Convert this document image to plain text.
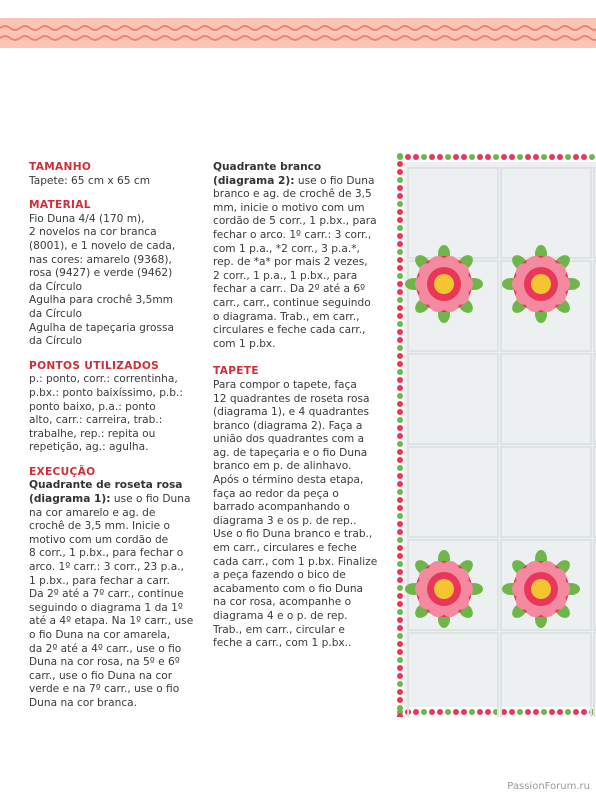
TAMANHO

Tapete: 65 cm x 65 cm

MATERIAL

Fio Duna 4/4 (170 m),
2 novelos na cor branca
(8001), e 1 novelo de cada,
nas cores: amarelo (9368),
rosa (9427) e verde (9462)
da Círculo
Agulha para crochê 3,5mm
da Círculo
Agulha de tapeçaria grossa
da Círculo

PONTOS UTILIZADOS

p.: ponto, corr.: correntinha,
p.bx.: ponto baixíssimo, p.b.:
ponto baixo, p.a.: ponto
alto, carr.: carreira, trab.:
trabalhe, rep.: repita ou
repetição, ag.: agulha.

EXECUÇÃO

Quadrante de roseta rosa
(diagrama 1): use o fio Duna
na cor amarelo e ag. de
crochê de 3,5 mm. Inicie o
motivo com um cordão de
8 corr., 1 p.bx., para fechar o
arco. 1º carr.: 3 corr., 23 p.a.,
1 p.bx., para fechar a carr.
Da 2º até a 7º carr., continue
seguindo o diagrama 1 da 1º
até a 4º etapa. Na 1º carr., use
o fio Duna na cor amarela,
da 2º até a 4º carr., use o fio
Duna na cor rosa, na 5º e 6º
carr., use o fio Duna na cor
verde e na 7º carr., use o fio
Duna na cor branca.
Quadrante branco
(diagrama 2): use o fio Duna
branco e ag. de crochê de 3,5
mm, inicie o motivo com um
cordão de 5 corr., 1 p.bx., para
fechar o arco. 1º carr.: 3 corr.,
com 1 p.a., *2 corr., 3 p.a.*,
rep. de *a* por mais 2 vezes,
2 corr., 1 p.a., 1 p.bx., para
fechar a carr.. Da 2º até a 6º
carr., carr., continue seguindo
o diagrama. Trab., em carr.,
circulares e feche cada carr.,
com 1 p.bx.

TAPETE

Para compor o tapete, faça
12 quadrantes de roseta rosa
(diagrama 1), e 4 quadrantes
branco (diagrama 2). Faça a
união dos quadrantes com a
ag. de tapeçaria e o fio Duna
branco em p. de alinhavo.
Após o término desta etapa,
faça ao redor da peça o
barrado acompanhando o
diagrama 3 e os p. de rep..
Use o fio Duna branco e trab.,
em carr., circulares e feche
cada carr., com 1 p.bx. Finalize
a peça fazendo o bico de
acabamento com o fio Duna
na cor rosa, acompanhe o
diagrama 4 e o p. de rep.
Trab., em carr., circular e
feche a carr., com 1 p.bx..
PassionForum.ru
